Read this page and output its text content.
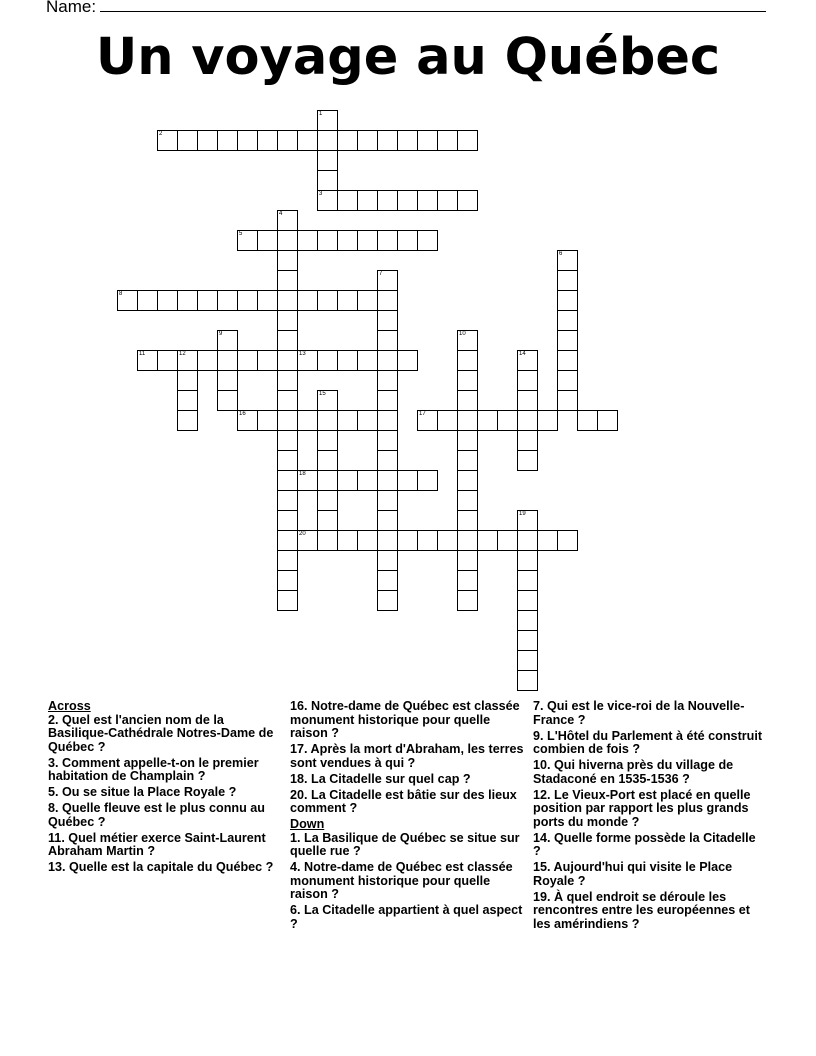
Name:
Un voyage au Québec
1
3
2
4
5
6
7
8
9	10
11	12	13	14
15
16	17
18
19
20
Across
2. Quel est l'ancien nom de la Basilique-Cathédrale Notres-Dame de Québec ?
3. Comment appelle-t-on le premier habitation de Champlain ?
5. Ou se situe la Place Royale ?
8. Quelle fleuve est le plus connu au Québec ?
11. Quel métier exerce Saint-Laurent Abraham Martin ?
13. Quelle est la capitale du Québec ?
16. Notre-dame de Québec est classée monument historique pour quelle raison ?
17. Après la mort d'Abraham, les terres sont vendues à qui ?
18. La Citadelle sur quel cap ?
20. La Citadelle est bâtie sur des lieux comment ?
Down
1. La Basilique de Québec se situe sur quelle rue ?
4. Notre-dame de Québec est classée monument historique pour quelle raison ?
6. La Citadelle appartient à quel aspect ?
7. Qui est le vice-roi de la Nouvelle-France ?
9. L'Hôtel du Parlement à été construit combien de fois ?
10. Qui hiverna près du village de Stadaconé en 1535-1536 ?
12. Le Vieux-Port est placé en quelle position par rapport les plus grands ports du monde ?
14. Quelle forme possède la Citadelle ?
15. Aujourd'hui qui visite le Place Royale ?
19. À quel endroit se déroule les rencontres entre les européennes et les amérindiens ?
